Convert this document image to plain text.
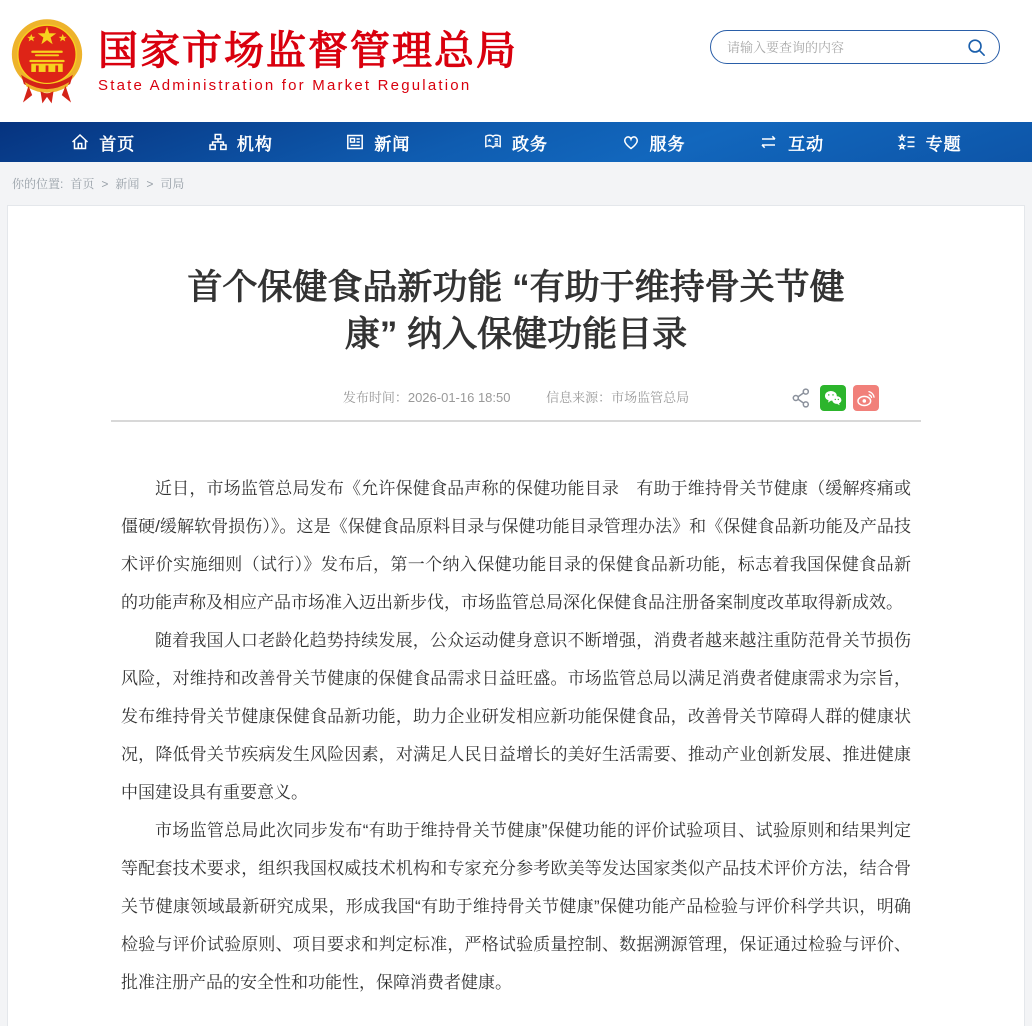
国家市场监督管理总局
State Administration for Market Regulation
请输入要查询的内容
首页	机构	新闻	政务	服务	互动	专题
你的位置: 首页 > 新闻 > 司局
首个保健食品新功能 “有助于维持骨关节健康” 纳入保健功能目录
发布时间：2026-01-16 18:50	信息来源：市场监管总局

近日，市场监管总局发布《允许保健食品声称的保健功能目录　有助于维持骨关节健康（缓解疼痛或僵硬/缓解软骨损伤）》。这是《保健食品原料目录与保健功能目录管理办法》和《保健食品新功能及产品技术评价实施细则（试行）》发布后，第一个纳入保健功能目录的保健食品新功能，标志着我国保健食品新的功能声称及相应产品市场准入迈出新步伐，市场监管总局深化保健食品注册备案制度改革取得新成效。

随着我国人口老龄化趋势持续发展，公众运动健身意识不断增强，消费者越来越注重防范骨关节损伤风险，对维持和改善骨关节健康的保健食品需求日益旺盛。市场监管总局以满足消费者健康需求为宗旨，发布维持骨关节健康保健食品新功能，助力企业研发相应新功能保健食品，改善骨关节障碍人群的健康状况，降低骨关节疾病发生风险因素，对满足人民日益增长的美好生活需要、推动产业创新发展、推进健康中国建设具有重要意义。

市场监管总局此次同步发布“有助于维持骨关节健康”保健功能的评价试验项目、试验原则和结果判定等配套技术要求，组织我国权威技术机构和专家充分参考欧美等发达国家类似产品技术评价方法，结合骨关节健康领域最新研究成果，形成我国“有助于维持骨关节健康”保健功能产品检验与评价科学共识，明确检验与评价试验原则、项目要求和判定标准，严格试验质量控制、数据溯源管理，保证通过检验与评价、批准注册产品的安全性和功能性，保障消费者健康。
